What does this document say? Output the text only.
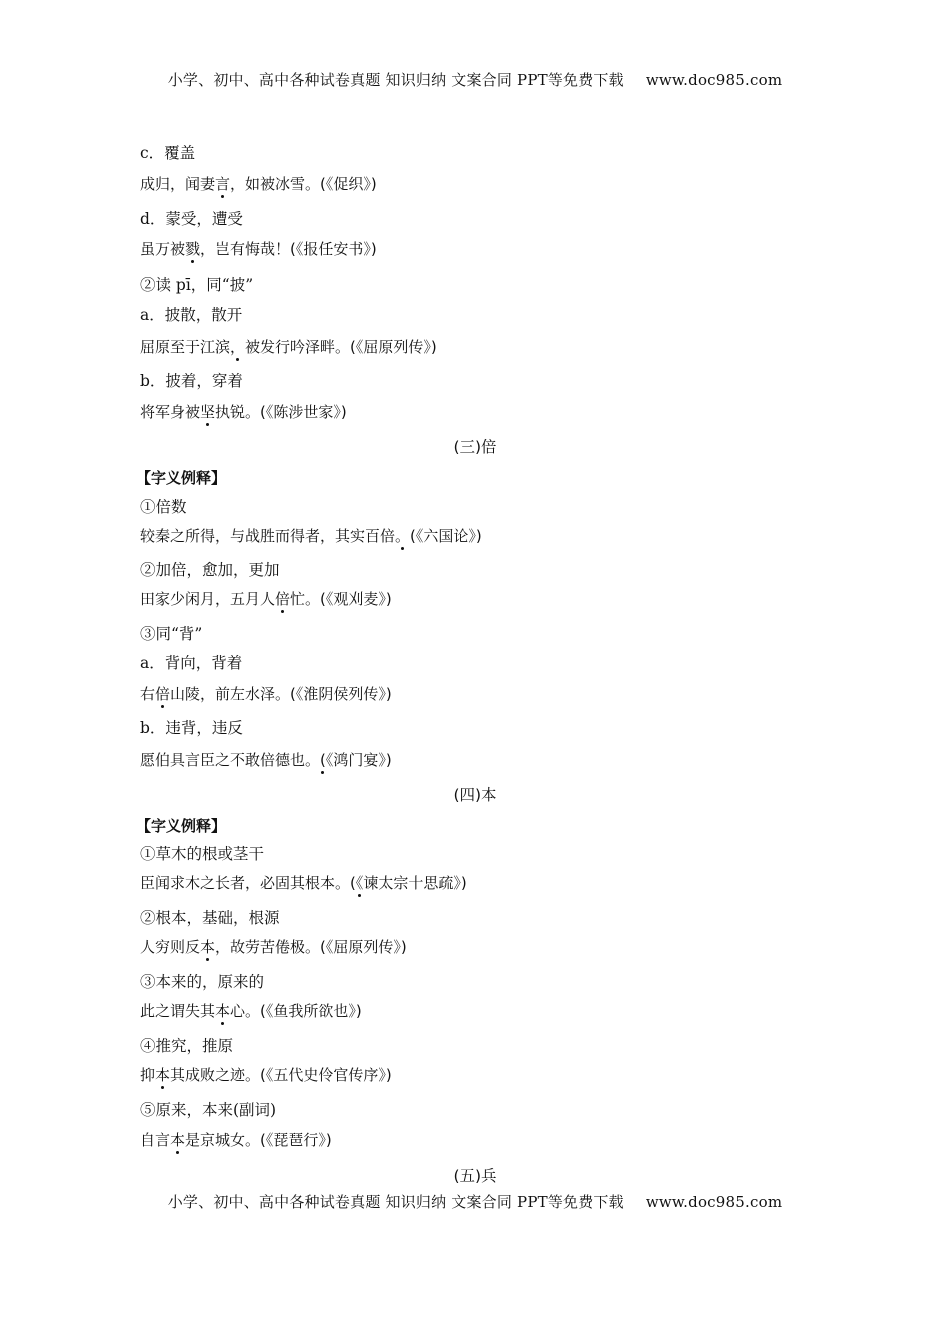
小学、初中、高中各种试卷真题 知识归纳 文案合同 PPT等免费下载 www.doc985.com
c．覆盖
成归，闻妻言，如被冰雪。(《促织》)
d．蒙受，遭受
虽万被戮，岂有悔哉！(《报任安书》)
②读 pī，同“披”
a．披散，散开
屈原至于江滨，被发行吟泽畔。(《屈原列传》)
b．披着，穿着
将军身被坚执锐。(《陈涉世家》)
(三)倍
【字义例释】
①倍数
较秦之所得，与战胜而得者，其实百倍。(《六国论》)
②加倍，愈加，更加
田家少闲月，五月人倍忙。(《观刈麦》)
③同“背”
a．背向，背着
右倍山陵，前左水泽。(《淮阴侯列传》)
b．违背，违反
愿伯具言臣之不敢倍德也。(《鸿门宴》)
(四)本
【字义例释】
①草木的根或茎干
臣闻求木之长者，必固其根本。(《谏太宗十思疏》)
②根本，基础，根源
人穷则反本，故劳苦倦极。(《屈原列传》)
③本来的，原来的
此之谓失其本心。(《鱼我所欲也》)
④推究，推原
抑本其成败之迹。(《五代史伶官传序》)
⑤原来，本来(副词)
自言本是京城女。(《琵琶行》)
(五)兵
小学、初中、高中各种试卷真题 知识归纳 文案合同 PPT等免费下载 www.doc985.com
